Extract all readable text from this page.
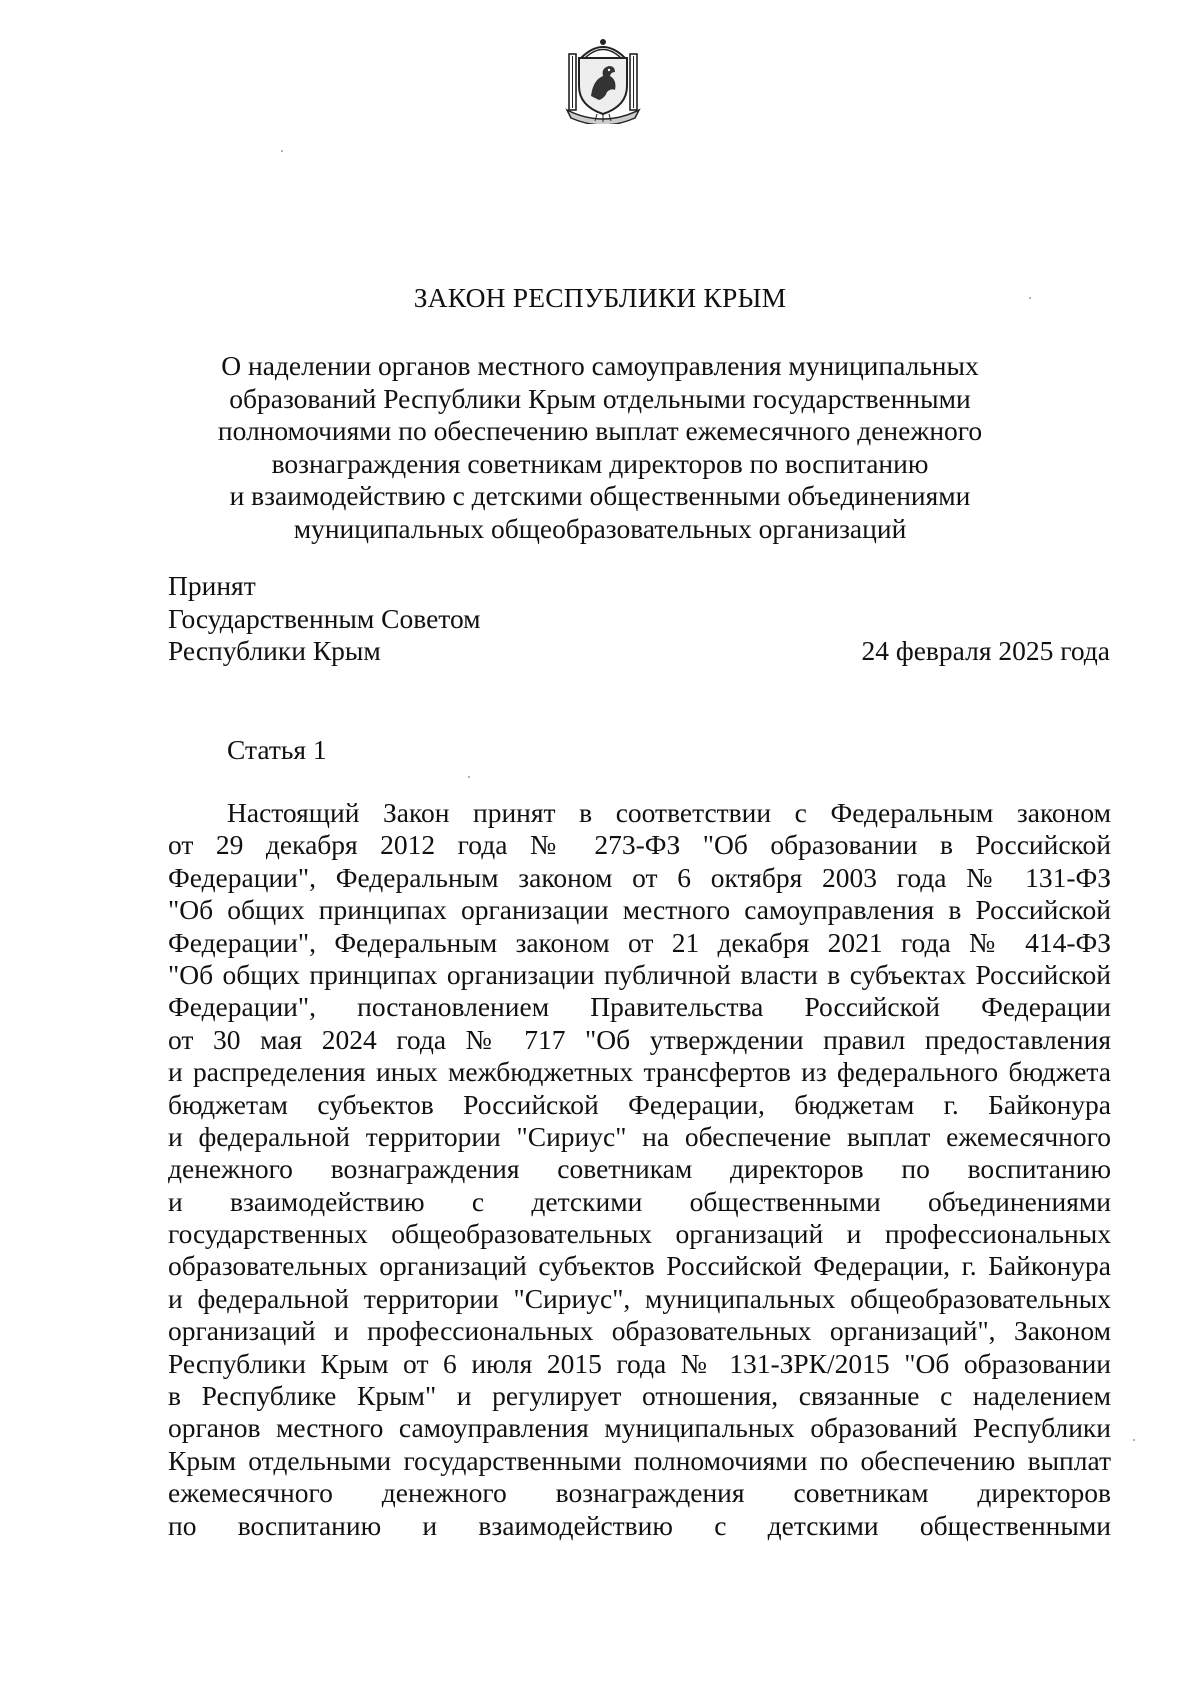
ЗАКОН РЕСПУБЛИКИ КРЫМ
О наделении органов местного самоуправления муниципальных
образований Республики Крым отдельными государственными
полномочиями по обеспечению выплат ежемесячного денежного
вознаграждения советникам директоров по воспитанию
и взаимодействию с детскими общественными объединениями
муниципальных общеобразовательных организаций
Принят
Государственным Советом
Республики Крым	24 февраля 2025 года
Статья 1
Настоящий Закон принят в соответствии с Федеральным законом
от 29 декабря 2012 года № 273-ФЗ "Об образовании в Российской
Федерации", Федеральным законом от 6 октября 2003 года № 131-ФЗ
"Об общих принципах организации местного самоуправления в Российской
Федерации", Федеральным законом от 21 декабря 2021 года № 414-ФЗ
"Об общих принципах организации публичной власти в субъектах Российской
Федерации", постановлением Правительства Российской Федерации
от 30 мая 2024 года № 717 "Об утверждении правил предоставления
и распределения иных межбюджетных трансфертов из федерального бюджета
бюджетам субъектов Российской Федерации, бюджетам г. Байконура
и федеральной территории "Сириус" на обеспечение выплат ежемесячного
денежного вознаграждения советникам директоров по воспитанию
и взаимодействию с детскими общественными объединениями
государственных общеобразовательных организаций и профессиональных
образовательных организаций субъектов Российской Федерации, г. Байконура
и федеральной территории "Сириус", муниципальных общеобразовательных
организаций и профессиональных образовательных организаций", Законом
Республики Крым от 6 июля 2015 года № 131-ЗРК/2015 "Об образовании
в Республике Крым" и регулирует отношения, связанные с наделением
органов местного самоуправления муниципальных образований Республики
Крым отдельными государственными полномочиями по обеспечению выплат
ежемесячного денежного вознаграждения советникам директоров
по воспитанию и взаимодействию с детскими общественными
